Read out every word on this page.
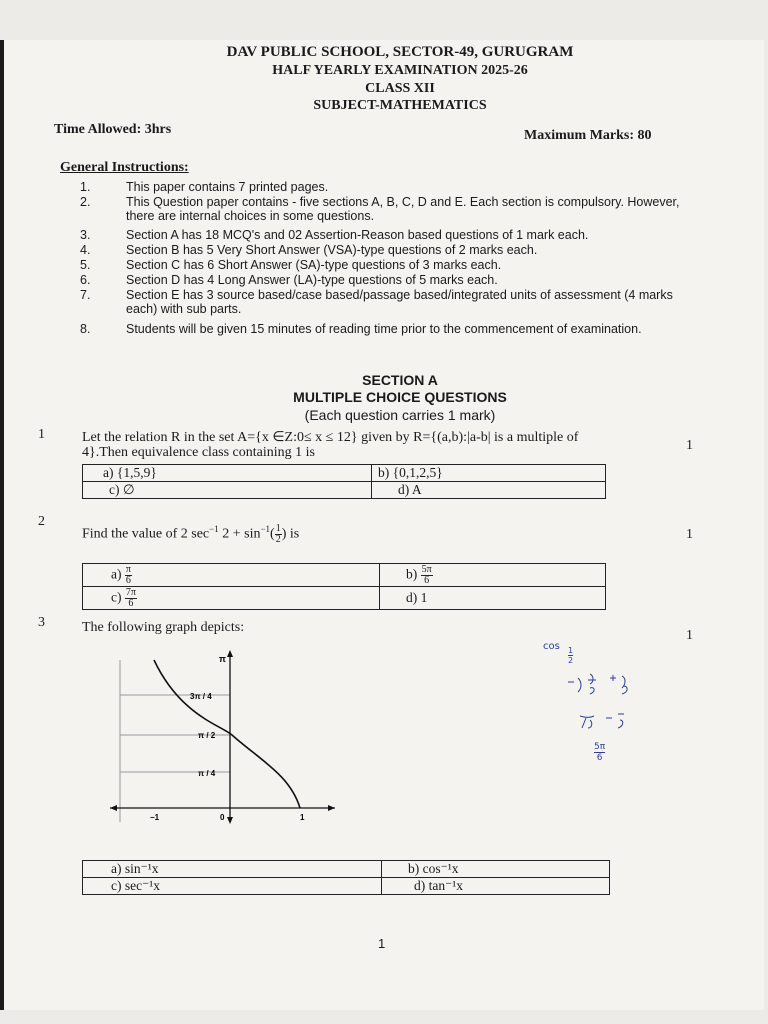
DAV PUBLIC SCHOOL, SECTOR-49, GURUGRAM
HALF YEARLY EXAMINATION 2025-26
CLASS XII
SUBJECT-MATHEMATICS
Time Allowed: 3hrs	Maximum Marks: 80
General Instructions:
1.	This paper contains 7 printed pages.
2.	This Question paper contains - five sections A, B, C, D and E. Each section is compulsory. However, there are internal choices in some questions.
3.	Section A has 18 MCQ's and 02 Assertion-Reason based questions of 1 mark each.
4.	Section B has 5 Very Short Answer (VSA)-type questions of 2 marks each.
5.	Section C has 6 Short Answer (SA)-type questions of 3 marks each.
6.	Section D has 4 Long Answer (LA)-type questions of 5 marks each.
7.	Section E has 3 source based/case based/passage based/integrated units of assessment (4 marks each) with sub parts.
8.	Students will be given 15 minutes of reading time prior to the commencement of examination.
SECTION A
MULTIPLE CHOICE QUESTIONS
(Each question carries 1 mark)
1	Let the relation R in the set A={x ∈Z:0≤ x ≤ 12} given by R={(a,b):|a-b| is a multiple of
4}.Then equivalence class containing 1 is	1
a) {1,5,9}	b) {0,1,2,5}
c) ∅	d) A
2
Find the value of 2 $\sec^{-1} 2 + \sin^{-1}( \frac{1}{2}$ ) is	1
$a) \frac{\pi}{6}$	$b) \frac{5\pi}{6}$

$c) \frac{7\pi}{6}$	d) 1
3	The following graph depicts:
1
π
3π / 4
π / 2
π / 4
−1	0	1
$\cos \frac{1}{2}$
$\frac{5\pi}{6}$
a) sin⁻¹x	b) cos⁻¹x
c) sec⁻¹x	d) tan⁻¹x
1
